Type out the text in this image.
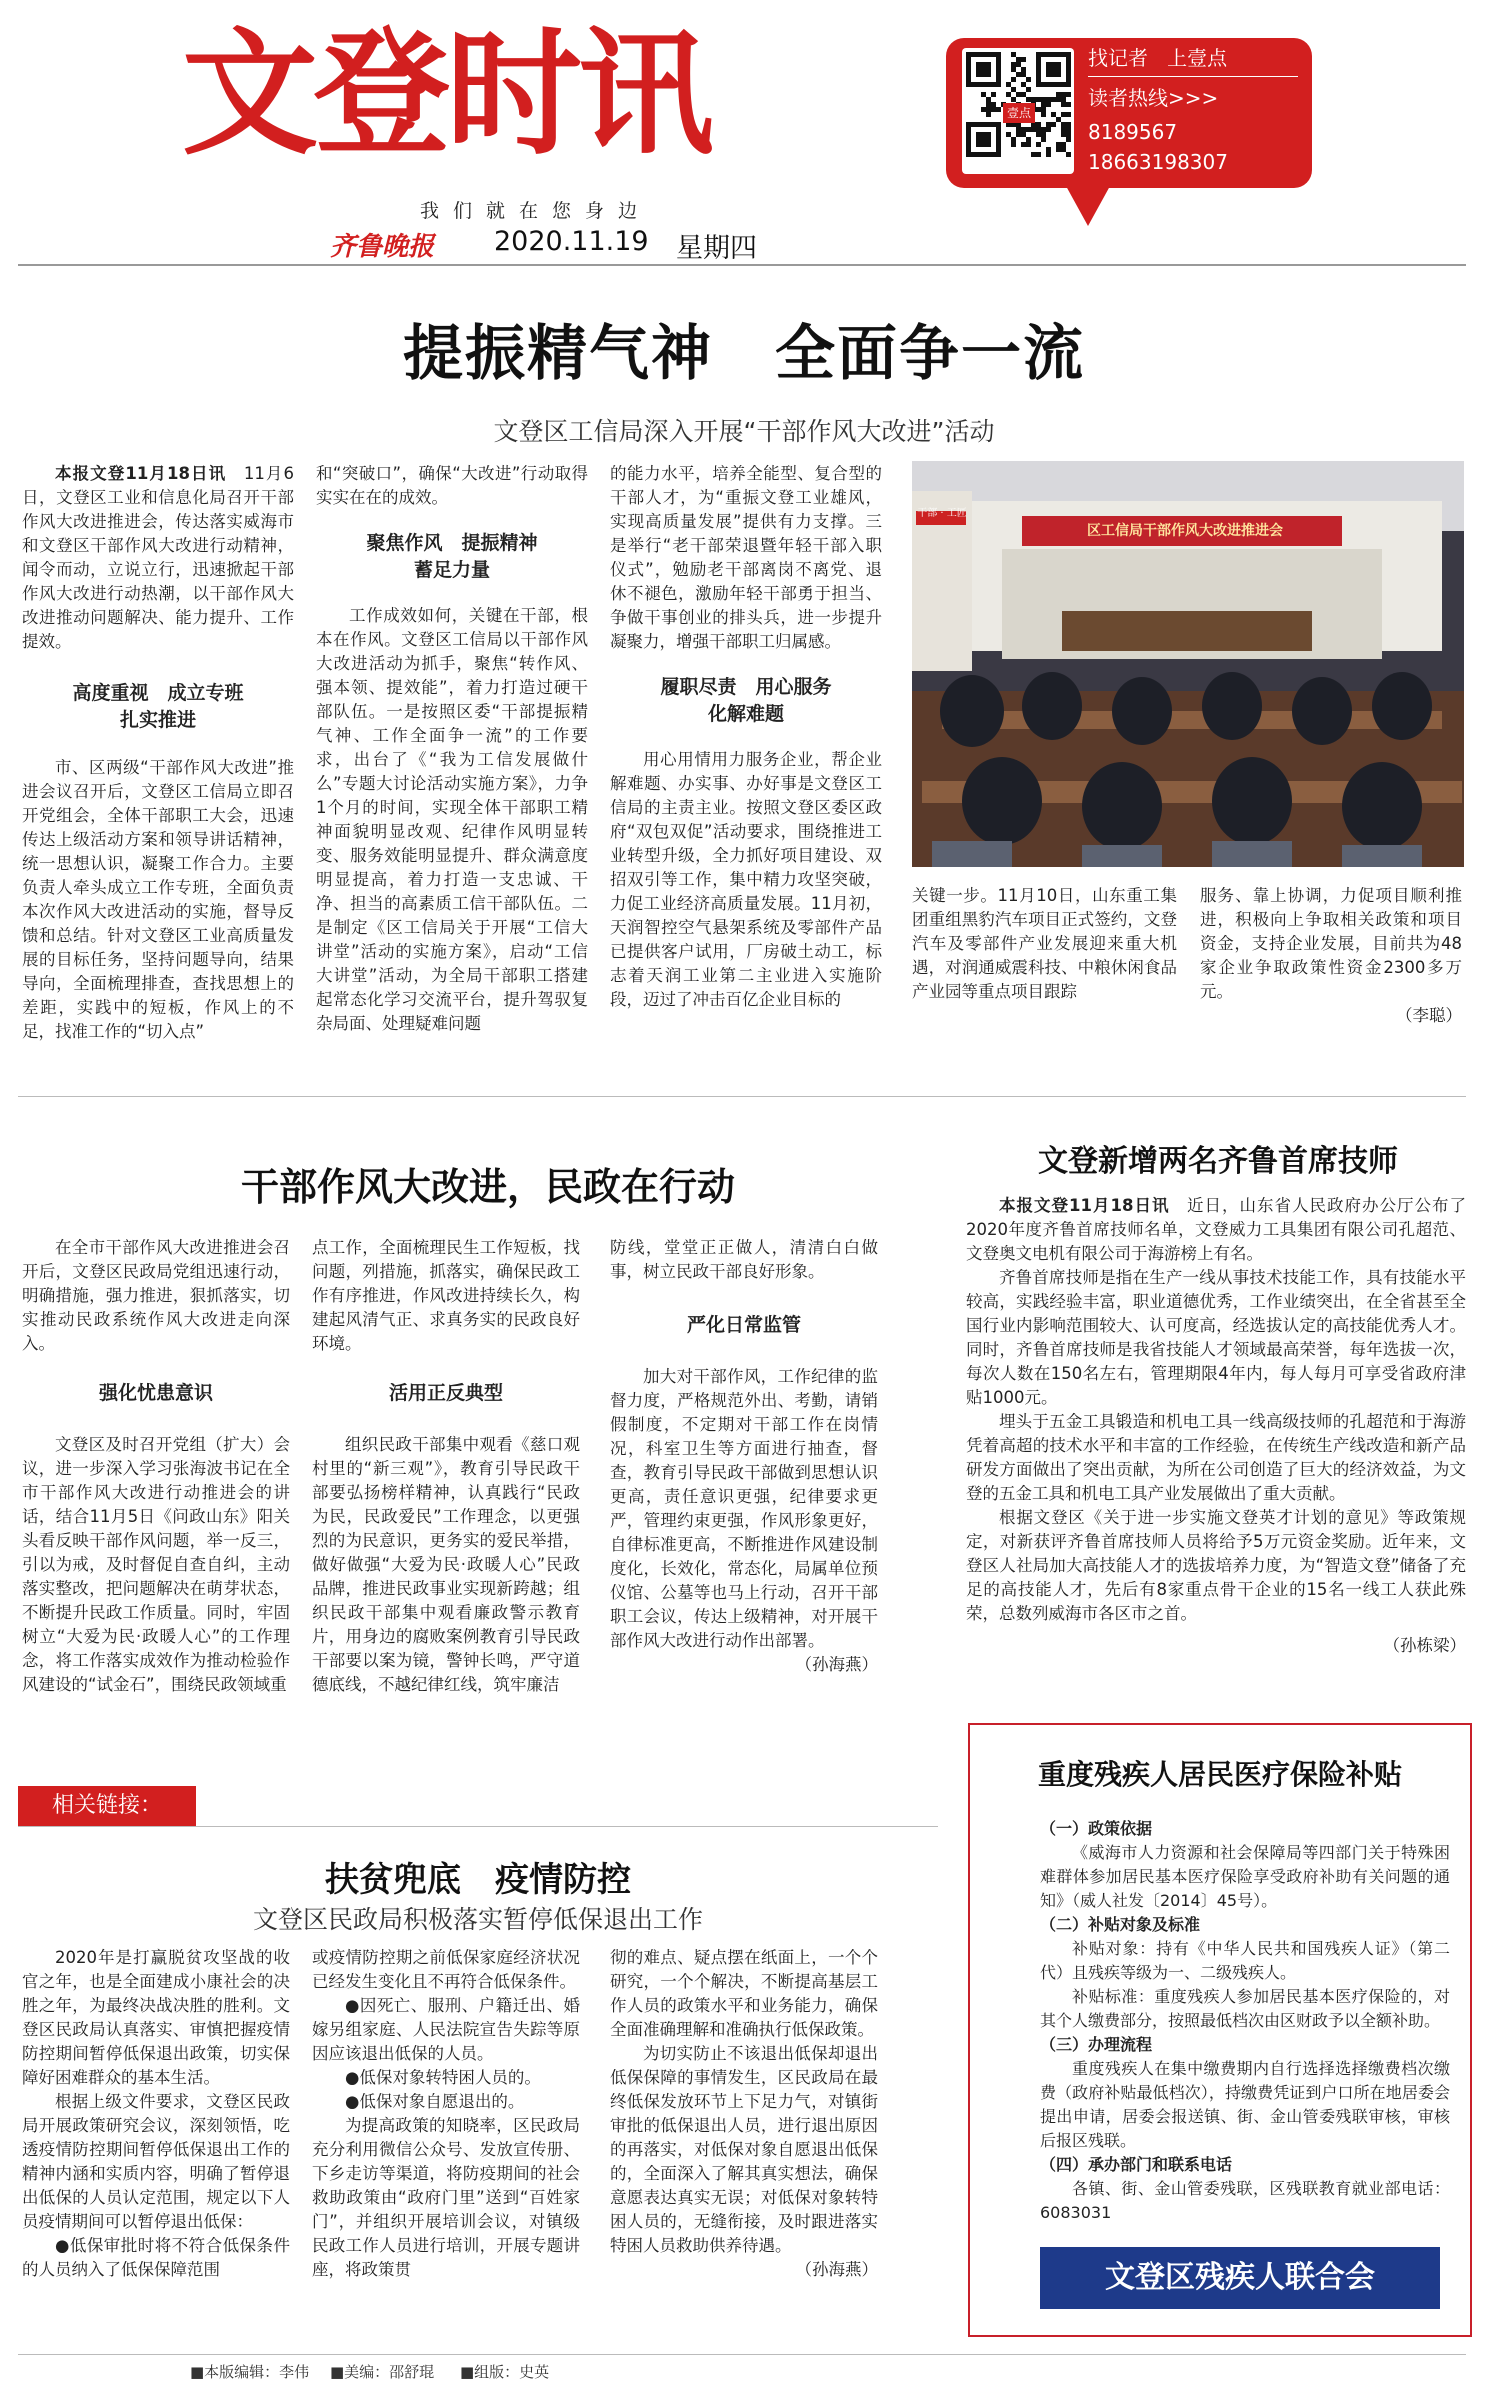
文登时讯
我们就在您身边
齐鲁晚报 2020.11.19 星期四
壹点
找记者   上壹点
读者热线>>>
8189567
18663198307
提振精气神　全面争一流
文登区工信局深入开展“干部作风大改进”活动

本报文登11月18日讯　 11月6日，文登区工业和信息化局召开干部作风大改进推进会，传达落实威海市和文登区干部作风大改进行动精神，闻令而动，立说立行，迅速掀起干部作风大改进行动热潮，以干部作风大改进推动问题解决、能力提升、工作提效。

高度重视　成立专班
扎实推进

市、区两级“干部作风大改进”推进会议召开后，文登区工信局立即召开党组会，全体干部职工大会，迅速传达上级活动方案和领导讲话精神，统一思想认识，凝聚工作合力。主要负责人牵头成立工作专班，全面负责本次作风大改进活动的实施，督导反馈和总结。针对文登区工业高质量发展的目标任务，坚持问题导向，结果导向，全面梳理排查，查找思想上的差距，实践中的短板，作风上的不足，找准工作的“切入点”

和“突破口”，确保“大改进”行动取得实实在在的成效。

聚焦作风　提振精神
蓄足力量

工作成效如何，关键在干部，根本在作风。文登区工信局以干部作风大改进活动为抓手，聚焦“转作风、强本领、提效能”，着力打造过硬干部队伍。一是按照区委“干部提振精气神、工作全面争一流”的工作要求，出台了《“我为工信发展做什么”专题大讨论活动实施方案》，力争1个月的时间，实现全体干部职工精神面貌明显改观、纪律作风明显转变、服务效能明显提升、群众满意度明显提高，着力打造一支忠诚、干净、担当的高素质工信干部队伍。二是制定《区工信局关于开展“工信大讲堂”活动的实施方案》，启动“工信大讲堂”活动，为全局干部职工搭建起常态化学习交流平台，提升驾驭复杂局面、处理疑难问题

的能力水平，培养全能型、复合型的干部人才，为“重振文登工业雄风，实现高质量发展”提供有力支撑。三是举行“老干部荣退暨年轻干部入职仪式”，勉励老干部离岗不离党、退休不褪色，激励年轻干部勇于担当、争做干事创业的排头兵，进一步提升凝聚力，增强干部职工归属感。

履职尽责　用心服务
化解难题

用心用情用力服务企业，帮企业解难题、办实事、办好事是文登区工信局的主责主业。按照文登区委区政府“双包双促”活动要求，围绕推进工业转型升级，全力抓好项目建设、双招双引等工作，集中精力攻坚突破，力促工业经济高质量发展。11月初，天润智控空气悬架系统及零部件产品已提供客户试用，厂房破土动工，标志着天润工业第二主业进入实施阶段，迈过了冲击百亿企业目标的

区工信局干部作风大改进推进会
干部 · 工匠

关键一步。11月10日，山东重工集团重组黑豹汽车项目正式签约，文登汽车及零部件产业发展迎来重大机遇，对润通威震科技、中粮休闲食品产业园等重点项目跟踪

服务、靠上协调，力促项目顺利推进，积极向上争取相关政策和项目资金，支持企业发展，目前共为48家企业争取政策性资金2300多万元。

（李聪）
干部作风大改进，民政在行动

在全市干部作风大改进推进会召开后，文登区民政局党组迅速行动，明确措施，强力推进，狠抓落实，切实推动民政系统作风大改进走向深入。

强化忧患意识

文登区及时召开党组（扩大）会议，进一步深入学习张海波书记在全市干部作风大改进行动推进会的讲话，结合11月5日《问政山东》阳关头看反映干部作风问题，举一反三，引以为戒，及时督促自查自纠，主动落实整改，把问题解决在萌芽状态，不断提升民政工作质量。同时，牢固树立“大爱为民·政暖人心”的工作理念，将工作落实成效作为推动检验作风建设的“试金石”，围绕民政领域重

点工作，全面梳理民生工作短板，找问题，列措施，抓落实，确保民政工作有序推进，作风改进持续长久，构建起风清气正、求真务实的民政良好环境。

活用正反典型

组织民政干部集中观看《慈口观村里的“新三观”》，教育引导民政干部要弘扬榜样精神，认真践行“民政为民，民政爱民”工作理念，以更强烈的为民意识，更务实的爱民举措，做好做强“大爱为民·政暖人心”民政品牌，推进民政事业实现新跨越；组织民政干部集中观看廉政警示教育片，用身边的腐败案例教育引导民政干部要以案为镜，警钟长鸣，严守道德底线，不越纪律红线，筑牢廉洁

防线，堂堂正正做人，清清白白做事，树立民政干部良好形象。

严化日常监管

加大对干部作风，工作纪律的监督力度，严格规范外出、考勤，请销假制度，不定期对干部工作在岗情况，科室卫生等方面进行抽查，督查，教育引导民政干部做到思想认识更高，责任意识更强，纪律要求更严，管理约束更强，作风形象更好，自律标准更高，不断推进作风建设制度化，长效化，常态化，局属单位预仪馆、公墓等也马上行动，召开干部职工会议，传达上级精神，对开展干部作风大改进行动作出部署。

（孙海燕）
文登新增两名齐鲁首席技师

本报文登11月18日讯　 近日，山东省人民政府办公厅公布了2020年度齐鲁首席技师名单，文登威力工具集团有限公司孔超范、文登奥文电机有限公司于海游榜上有名。

齐鲁首席技师是指在生产一线从事技术技能工作，具有技能水平较高，实践经验丰富，职业道德优秀，工作业绩突出，在全省甚至全国行业内影响范围较大、认可度高，经选拔认定的高技能优秀人才。同时，齐鲁首席技师是我省技能人才领域最高荣誉，每年选拔一次，每次人数在150名左右，管理期限4年内，每人每月可享受省政府津贴1000元。

埋头于五金工具锻造和机电工具一线高级技师的孔超范和于海游凭着高超的技术水平和丰富的工作经验，在传统生产线改造和新产品研发方面做出了突出贡献，为所在公司创造了巨大的经济效益，为文登的五金工具和机电工具产业发展做出了重大贡献。

根据文登区《关于进一步实施文登英才计划的意见》等政策规定，对新获评齐鲁首席技师人员将给予5万元资金奖励。近年来，文登区人社局加大高技能人才的选拔培养力度，为“智造文登”储备了充足的高技能人才，先后有8家重点骨干企业的15名一线工人获此殊荣，总数列威海市各区市之首。

（孙栋梁）
相关链接：
扶贫兜底　疫情防控
文登区民政局积极落实暂停低保退出工作

2020年是打赢脱贫攻坚战的收官之年，也是全面建成小康社会的决胜之年，为最终决战决胜的胜利。文登区民政局认真落实、审慎把握疫情防控期间暂停低保退出政策，切实保障好困难群众的基本生活。

根据上级文件要求，文登区民政局开展政策研究会议，深刻领悟，吃透疫情防控期间暂停低保退出工作的精神内涵和实质内容，明确了暂停退出低保的人员认定范围，规定以下人员疫情期间可以暂停退出低保：

●低保审批时将不符合低保条件的人员纳入了低保保障范围

或疫情防控期之前低保家庭经济状况已经发生变化且不再符合低保条件。

●因死亡、服刑、户籍迁出、婚嫁另组家庭、人民法院宣告失踪等原因应该退出低保的人员。

●低保对象转特困人员的。

●低保对象自愿退出的。

为提高政策的知晓率，区民政局充分利用微信公众号、发放宣传册、下乡走访等渠道，将防疫期间的社会救助政策由“政府门里”送到“百姓家门”，并组织开展培训会议，对镇级民政工作人员进行培训，开展专题讲座，将政策贯

彻的难点、疑点摆在纸面上，一个个研究，一个个解决，不断提高基层工作人员的政策水平和业务能力，确保全面准确理解和准确执行低保政策。

为切实防止不该退出低保却退出低保保障的事情发生，区民政局在最终低保发放环节上下足力气，对镇街审批的低保退出人员，进行退出原因的再落实，对低保对象自愿退出低保的，全面深入了解其真实想法，确保意愿表达真实无误；对低保对象转特困人员的，无缝衔接，及时跟进落实特困人员救助供养待遇。

（孙海燕）
重度残疾人居民医疗保险补贴
（一）政策依据

《威海市人力资源和社会保障局等四部门关于特殊困难群体参加居民基本医疗保险享受政府补助有关问题的通知》（威人社发〔2014〕45号）。

（二）补贴对象及标准

补贴对象：持有《中华人民共和国残疾人证》（第二代）且残疾等级为一、二级残疾人。

补贴标准：重度残疾人参加居民基本医疗保险的，对其个人缴费部分，按照最低档次由区财政予以全额补助。

（三）办理流程

重度残疾人在集中缴费期内自行选择选择缴费档次缴费（政府补贴最低档次），持缴费凭证到户口所在地居委会提出申请，居委会报送镇、街、金山管委残联审核，审核后报区残联。

（四）承办部门和联系电话

各镇、街、金山管委残联，区残联教育就业部电话：6083031

文登区残疾人联合会
■本版编辑：李伟 ■美编：邵舒琨 ■组版：史英
